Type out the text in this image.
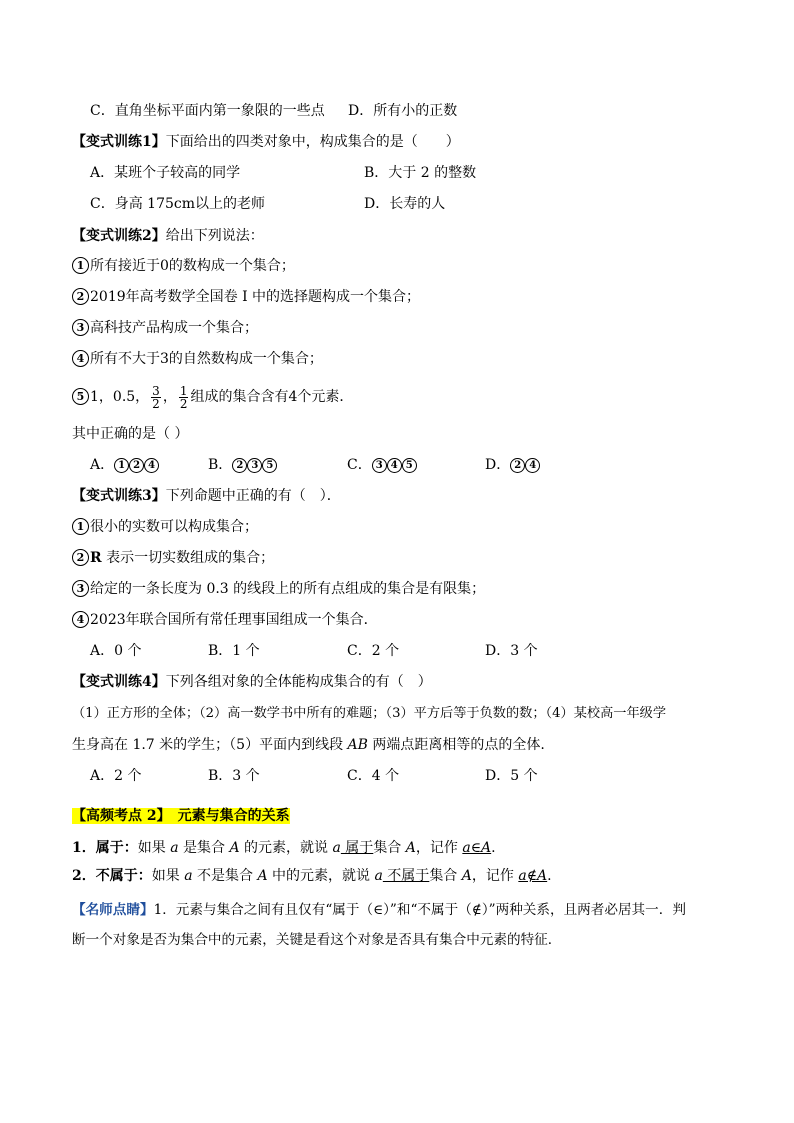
C．直角坐标平面内第一象限的一些点 D．所有小的正数
【变式训练1】下面给出的四类对象中，构成集合的是（　　）
A．某班个子较高的同学	B．大于 2 的整数
C．身高 175cm以上的老师	D．长寿的人
【变式训练2】给出下列说法：
1 所有接近于0的数构成一个集合；
2 2019年高考数学全国卷 I 中的选择题构成一个集合；
3 高科技产品构成一个集合；
4 所有不大于3的自然数构成一个集合；
5 1，0.5， $\frac{3}{2}$ ， $\frac{1}{2}$ 组成的集合含有4个元素．
其中正确的是（ ）
A． 1 2 4	B． 2 3 5	C． 3 4 5	D． 2 4
【变式训练3】下列命题中正确的有（　）．
1 很小的实数可以构成集合；
2 R 表示一切实数组成的集合；
3 给定的一条长度为 0.3 的线段上的所有点组成的集合是有限集；
4 2023年联合国所有常任理事国组成一个集合．
A．0 个	B．1 个	C．2 个	D．3 个
【变式训练4】下列各组对象的全体能构成集合的有（　）
（1）正方形的全体；（2）高一数学书中所有的难题；（3）平方后等于负数的数；（4）某校高一年级学
生身高在 1.7 米的学生；（5）平面内到线段 AB 两端点距离相等的点的全体.
A．2 个	B．3 个	C．4 个	D．5 个
【高频考点 2】　元素与集合的关系
1．属于：如果 a 是集合 A 的元素，就说 a 属于集合 A，记作 a∈A.
2．不属于：如果 a 不是集合 A 中的元素，就说 a 不属于集合 A，记作 a∉A.
【名师点睛】1．元素与集合之间有且仅有“属于（∈）”和“不属于（∉）”两种关系，且两者必居其一．判
断一个对象是否为集合中的元素，关键是看这个对象是否具有集合中元素的特征．
